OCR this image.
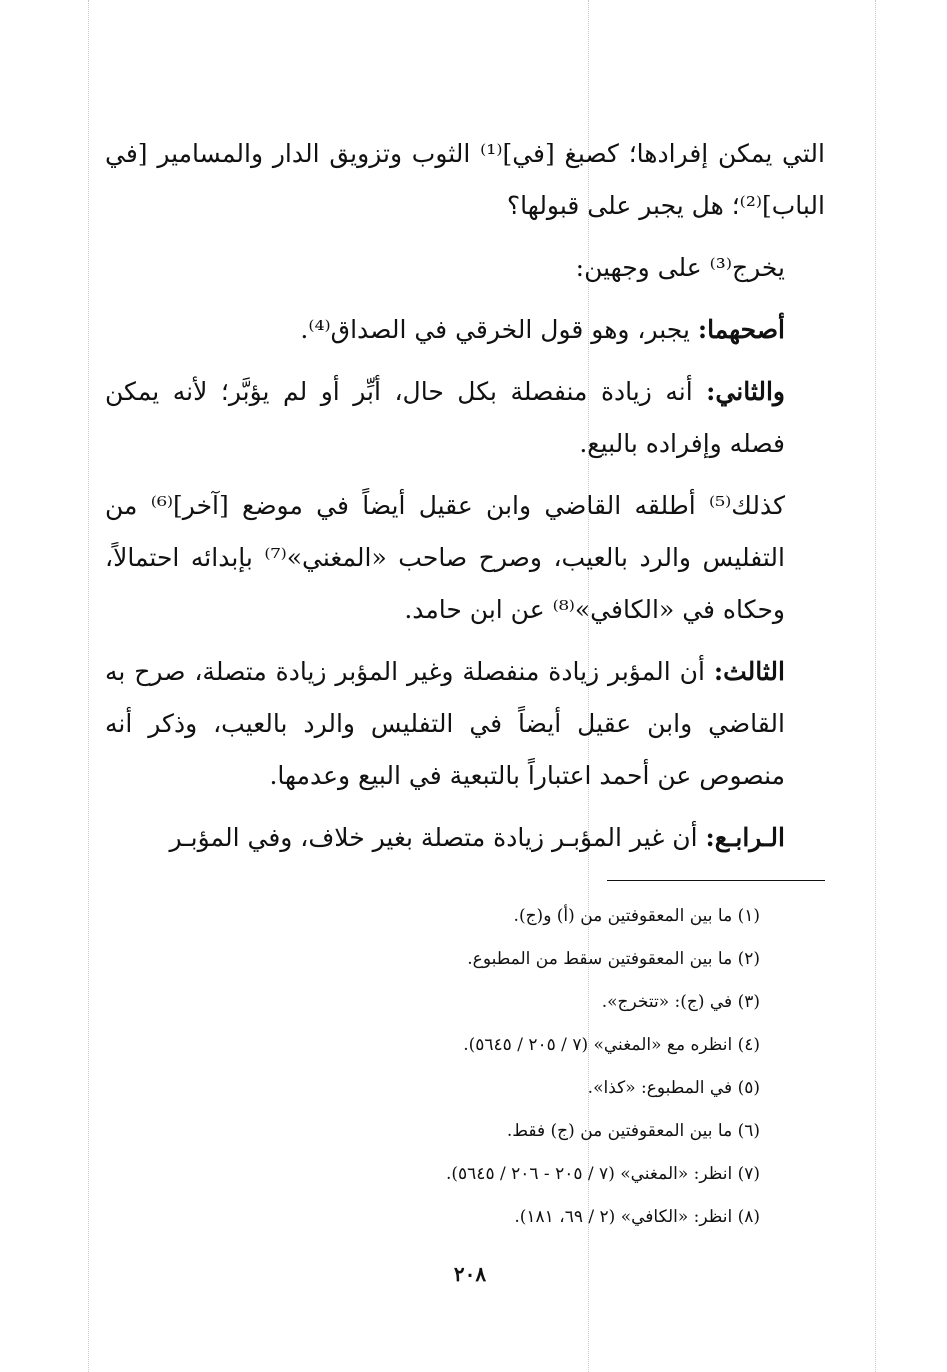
التي يمكن إفرادها؛ كصبغ [في]⁽¹⁾ الثوب وتزويق الدار والمسامير [في الباب]⁽²⁾؛ هل يجبر على قبولها؟

يخرج⁽³⁾ على وجهين:

أصحهما: يجبر، وهو قول الخرقي في الصداق⁽⁴⁾.

والثاني: أنه زيادة منفصلة بكل حال، أبِّر أو لم يؤبَّر؛ لأنه يمكن فصله وإفراده بالبيع.

كذلك⁽⁵⁾ أطلقه القاضي وابن عقيل أيضاً في موضع [آخر]⁽⁶⁾ من التفليس والرد بالعيب، وصرح صاحب «المغني»⁽⁷⁾ بإبدائه احتمالاً، وحكاه في «الكافي»⁽⁸⁾ عن ابن حامد.

الثالث: أن المؤبر زيادة منفصلة وغير المؤبر زيادة متصلة، صرح به القاضي وابن عقيل أيضاً في التفليس والرد بالعيب، وذكر أنه منصوص عن أحمد اعتباراً بالتبعية في البيع وعدمها.

الـرابـع: أن غير المؤبـر زيادة متصلة بغير خلاف، وفي المؤبـر

(١) ما بين المعقوفتين من (أ) و(ج).
(٢) ما بين المعقوفتين سقط من المطبوع.
(٣) في (ج): «تتخرج».
(٤) انظره مع «المغني» (٧ / ٢٠٥ / ٥٦٤٥).
(٥) في المطبوع: «كذا».
(٦) ما بين المعقوفتين من (ج) فقط.
(٧) انظر: «المغني» (٧ / ٢٠٥ - ٢٠٦ / ٥٦٤٥).
(٨) انظر: «الكافي» (٢ / ٦٩، ١٨١).
٢٠٨
